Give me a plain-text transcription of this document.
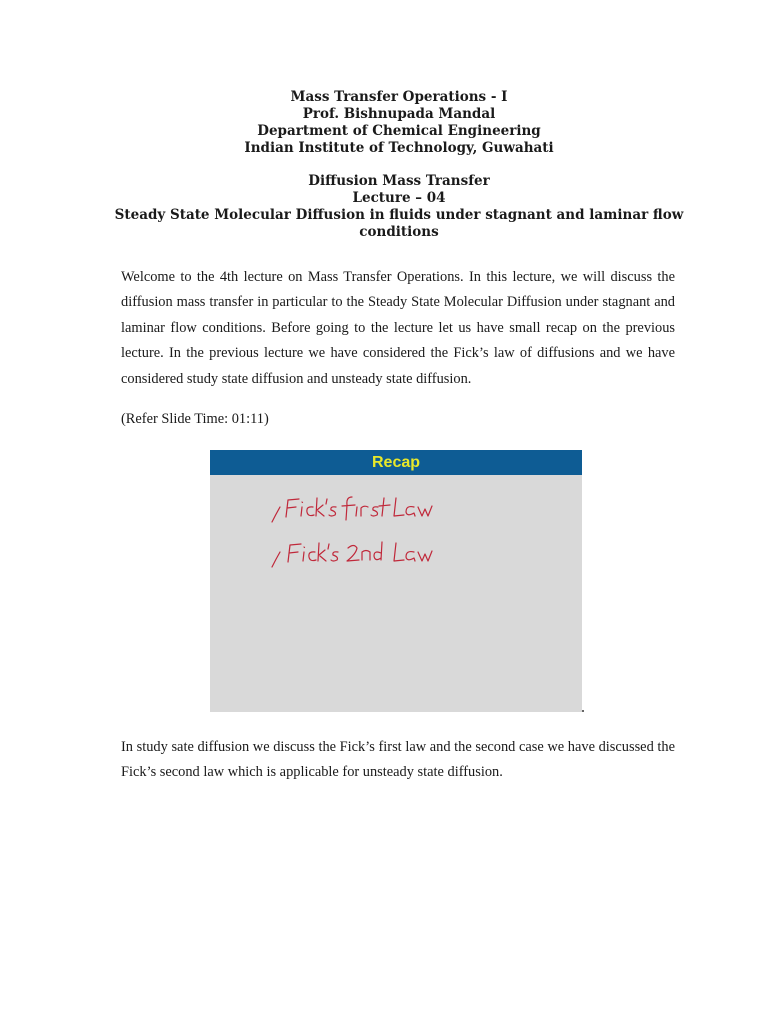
Mass Transfer Operations - I
Prof. Bishnupada Mandal
Department of Chemical Engineering
Indian Institute of Technology, Guwahati
Diffusion Mass Transfer
Lecture – 04
Steady State Molecular Diffusion in fluids under stagnant and laminar flow conditions

Welcome to the 4th lecture on Mass Transfer Operations. In this lecture, we will discuss the diffusion mass transfer in particular to the Steady State Molecular Diffusion under stagnant and laminar flow conditions. Before going to the lecture let us have small recap on the previous lecture. In the previous lecture we have considered the Fick’s law of diffusions and we have considered study state diffusion and unsteady state diffusion.

(Refer Slide Time: 01:11)

Recap

In study sate diffusion we discuss the Fick’s first law and the second case we have discussed the Fick’s second law which is applicable for unsteady state diffusion.
